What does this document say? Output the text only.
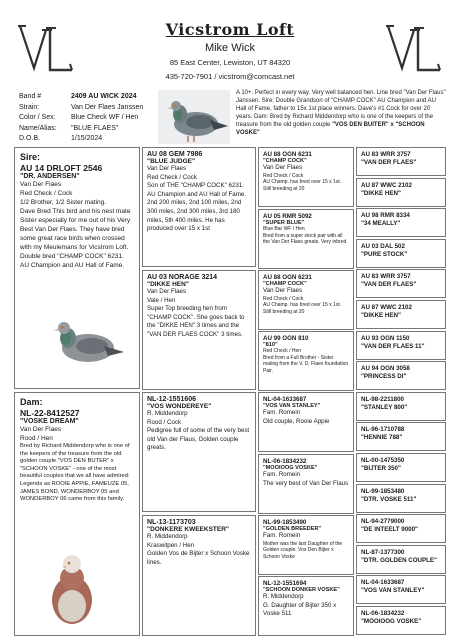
Vicstrom Loft
Mike Wick
85 East Center, Lewiston, UT 84320
435-720-7901 / vicstrom@comcast.net
Band #	2409 AU WICK 2024
Strain:	Van Der Flaes Janssen
Color / Sex:	Blue Check WF / Hen
Name/Alias:	"BLUE FLAES"
D.O.B.	1/15/2024
A 10+. Perfect in every way. Very well balanced hen. Line bred "Van Der Flaus" Janssen. Sire: Double Grandson of "CHAMP COCK" AU Champion and AU Hall of Fame, father to 15x 1st place winners. Dave's #1 Cock for over 20 years. Dam: Bred by Richard Middendorp who is one of the keepers of the treasure from the old golden couple "VOS DEN BUITER" x "SCHOON VOSKE"
Sire:
AU 14 DRLOFT 2546
"DR. ANDERSEN"
Van Der Flaes
Red Check / Cock
1/2 Brother, 1/2 Sister mating.
Dave Bred This bird and his nest mate Sister especially for me out of his Very Best Van Der Flaes. They have bred some great race birds when crossed with my Meulemans for Vicstrom Loft. Double bred "CHAMP COCK" 6231. AU Champion and AU Hall of Fame.
Dam:
NL-22-8412527
"VOSKE DREAM"
Van Der Flaes
Rood / Hen
Bred by Richard Middendorp who is one of the keepers of the treasure from the old golden couple "VOS DEN BUTER" x "SCHOON VOSKE" - one of the most beautiful couples that we all have admired: Legends as ROOIE APPIE, FAMEUZE 05, JAMES BOND, WONDERBOY 05 and WONDERBOY 06 came from this family.
AU 08 GEM 7986
"BLUE JUDGE"
Van Der Flaes
Red Check / Cock
Son of THE "CHAMP COCK" 6231. AU Champion and AU Hall of Fame. 2nd 200 miles, 2nd 100 miles, 2nd 300 miles, 2nd 300 miles, 3rd 180 miles, 5th 400 miles. He has produced over 15 x 1st
AU 03 NORAGE 3214
"DIKKE HEN"
Van Der Flaes
Vale / Hen
Super Top breeding hen from "CHAMP COCK". She goes back to the "DIKKE HEN" 3 times and the "VAN DER FLAES COCK" 3 times.
NL-12-1551606
"VOS WONDEREYE"
R. Middendorp
Rood / Cock
Pedigree full of some of the very best old Van der Flaus, Golden couple greats.
NL-13-1173703
"DONKERE KWEEKSTER"
R. Middendorp
Kraswitpen / Hen
Golden Vos de Bijter x Schoon Voske lines.
AU 88 OGN 6231
"CHAMP COCK"
Van Der Flaes
Red Check / Cock
AU Champ. has bred over 15 x 1st. Still breeding at 20
AU 05 RMR 5092
"SUPER BLUE"
Blue Bar WF / Hen
Bred from a super stock pair with all the Van Der Flaes greats. Very inbred
AU 88 OGN 6231
"CHAMP COCK"
Van Der Flaes
Red Check / Cock
AU Champ. has bred over 15 x 1st. Still breeding at 20
AU 99 OGN 810
"810"
Red Check / Hen
Bred from a Full Brother - Sister mating from the V. D. Flaes foundation Pair.
NL-04-1633687
"VOS VAN STANLEY"
Fam. Romein
Old couple, Rooie Appie
NL-06-1834232
"MOOIOOG VOSKE"
Fam. Romein
The very best of Van Der Flaus
NL-99-1853490
"GOLDEN BREEDER"
Fam. Romein
Mother was the last Daughter of the Golden couple. Vos Den Bijter x Schoon Voske
NL-12-1551694
"SCHOON DONKER VOSKE"
R. Middendorp
G. Daughter of Bijter 350 x Voske 511
AU 83 WRR 3757
"VAN DER FLAES"
AU 87 WWC 2102
"DIKKE HEN"
AU 98 RMR 8334
"34 MEALLY"
AU 03 DAL 502
"PURE STOCK"
AU 83 WRR 3757
"VAN DER FLAES"
AU 87 WWC 2102
"DIKKE HEN"
AU 93 OGN 1150
"VAN DER FLAES 11"
AU 94 OGN 3058
"PRINCESS DI"
NL-98-2211800
"STANLEY 800"
NL-96-1710788
"HENNIE 788"
NL-00-1475350
"BIJTER 350"
NL-99-1853480
"DTR. VOSKE 511"
NL-94-2779000
"DE INTEELT 9000"
NL-87-1377300
"DTR. GOLDEN COUPLE"
NL-04-1633687
"VOS VAN STANLEY"
NL-06-1834232
"MOOIOOG VOSKE"
